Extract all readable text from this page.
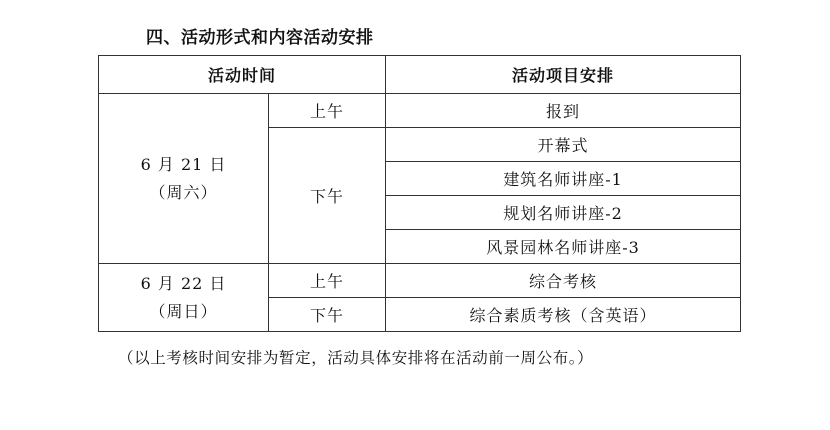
四、活动形式和内容活动安排
活动时间		活动项目安排

6 月 21 日
（周六）	上午	报到
	下午	开幕式
		建筑名师讲座-1
		规划名师讲座-2
		风景园林名师讲座-3

6 月 22 日
（周日）	上午	综合考核
	下午	综合素质考核（含英语）
（以上考核时间安排为暂定，活动具体安排将在活动前一周公布。）
